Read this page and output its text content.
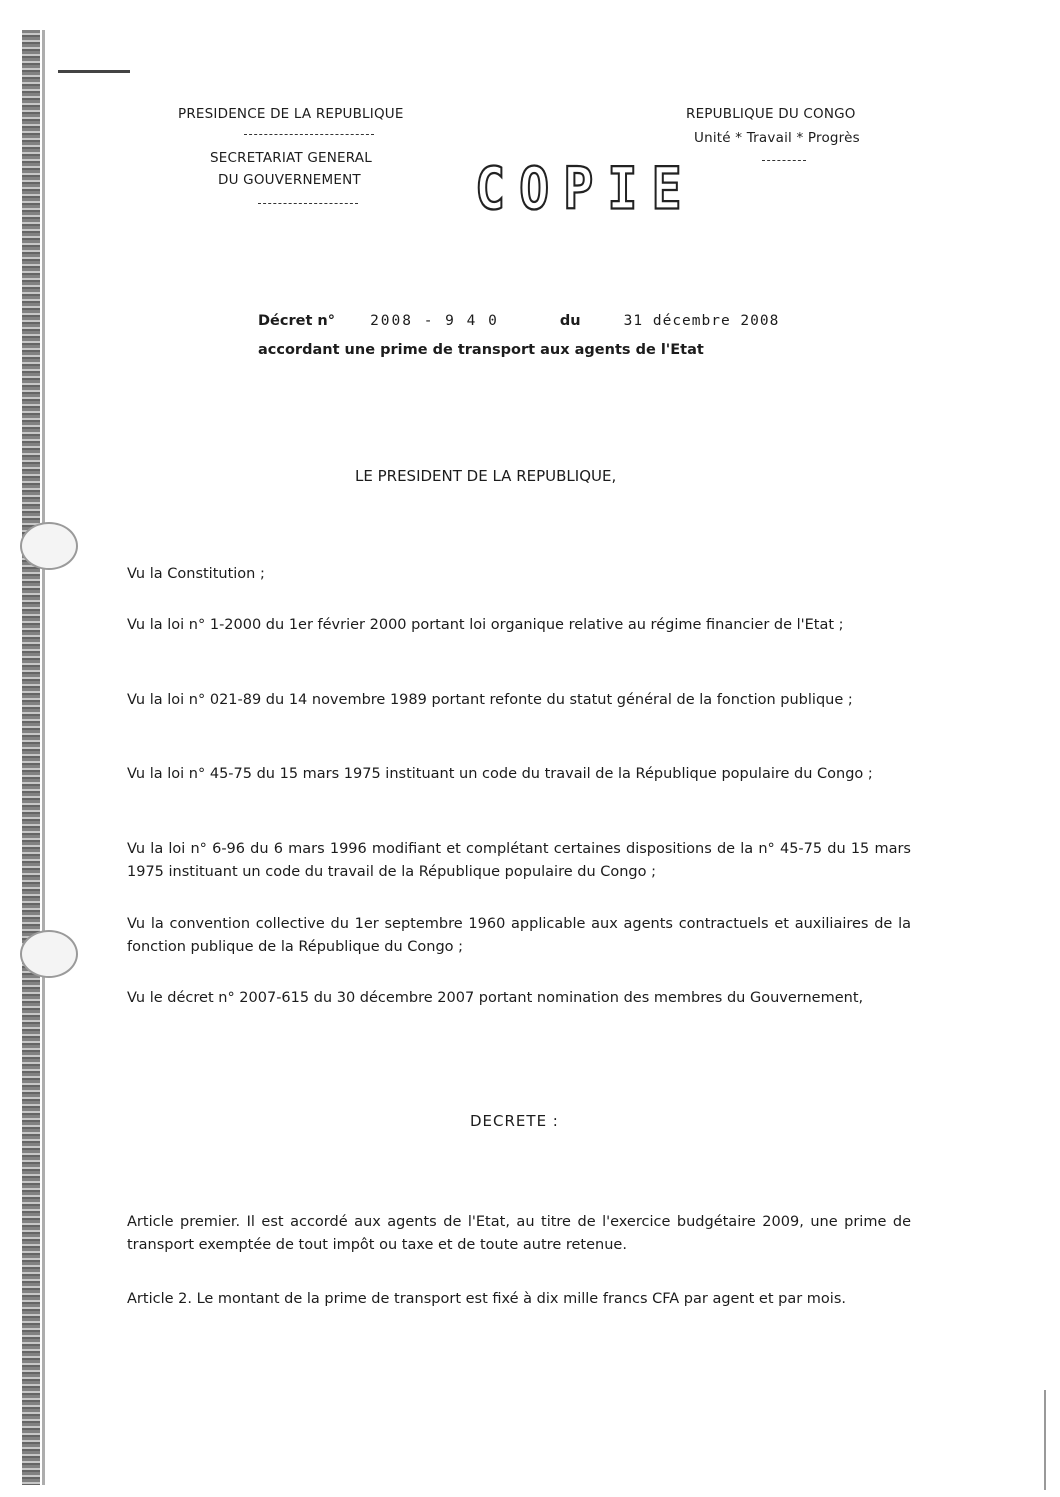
PRESIDENCE DE LA REPUBLIQUE
SECRETARIAT GENERAL
DU GOUVERNEMENT
REPUBLIQUE DU CONGO
Unité * Travail * Progrès
C O P I E
Décret n° 2008 - 9 4 0	du	31 décembre 2008
accordant une prime de transport aux agents de l'Etat
LE PRESIDENT DE LA REPUBLIQUE,
Vu la Constitution ;
Vu la loi n° 1-2000 du 1er février 2000 portant loi organique relative au régime financier de l'Etat ;
Vu la loi n° 021-89 du 14 novembre 1989 portant refonte du statut général de la fonction publique ;
Vu la loi n° 45-75 du 15 mars 1975 instituant un code du travail de la République populaire du Congo ;
Vu la loi n° 6-96 du 6 mars 1996 modifiant et complétant certaines dispositions de la n° 45-75 du 15 mars 1975 instituant un code du travail de la République populaire du Congo ;
Vu la convention collective du 1er septembre 1960 applicable aux agents contractuels et auxiliaires de la fonction publique de la République du Congo ;
Vu le décret n° 2007-615 du 30 décembre 2007 portant nomination des membres du Gouvernement,
DECRETE :
Article premier. Il est accordé aux agents de l'Etat, au titre de l'exercice budgétaire 2009, une prime de transport exemptée de tout impôt ou taxe et de toute autre retenue.
Article 2. Le montant de la prime de transport est fixé à dix mille francs CFA par agent et par mois.
